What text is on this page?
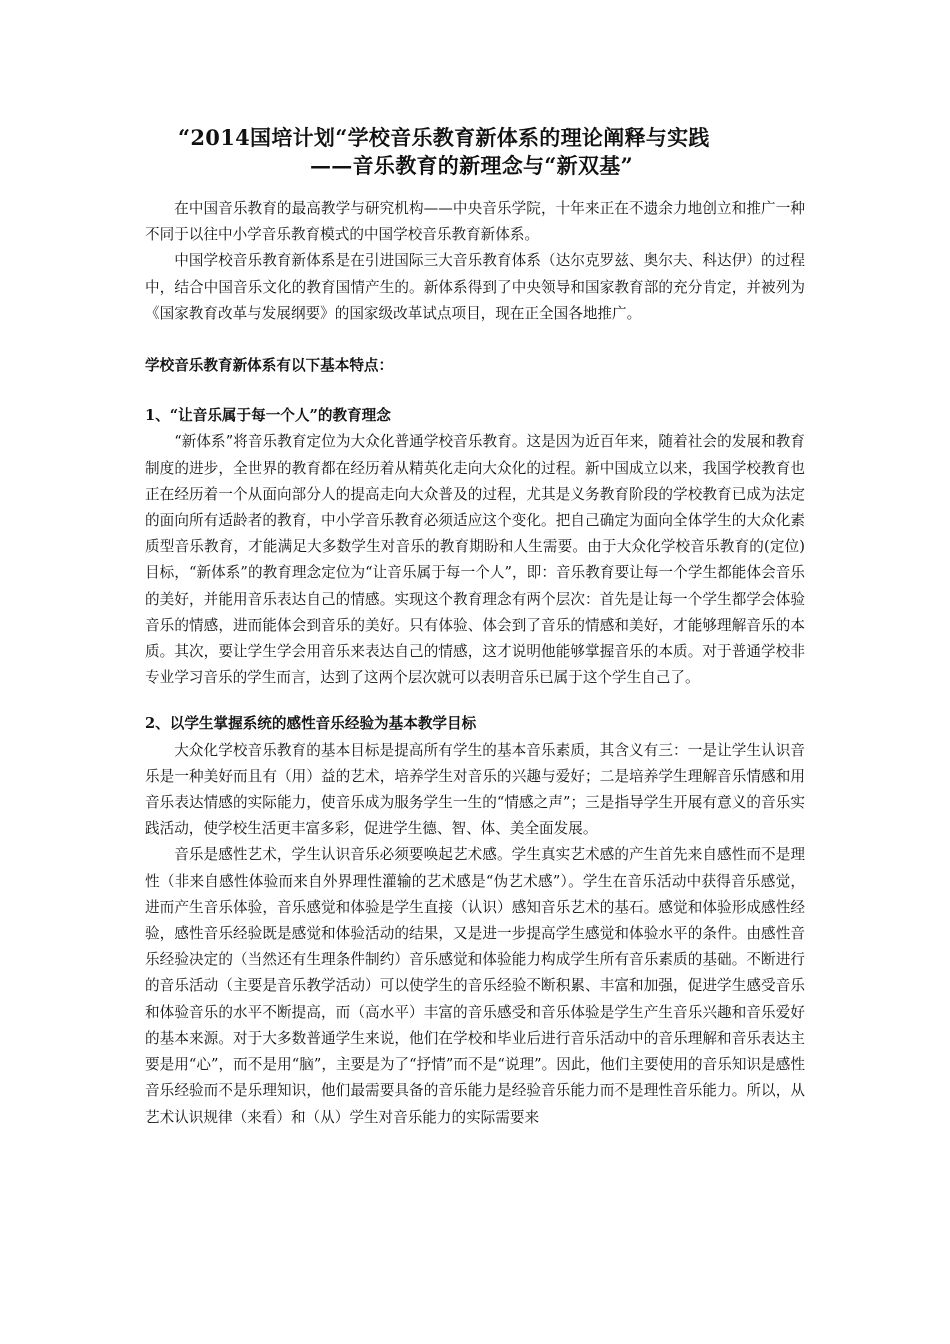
“2014国培计划“学校音乐教育新体系的理论阐释与实践
——音乐教育的新理念与“新双基”

在中国音乐教育的最高教学与研究机构——中央音乐学院，十年来正在不遗余力地创立和推广一种不同于以往中小学音乐教育模式的中国学校音乐教育新体系。

中国学校音乐教育新体系是在引进国际三大音乐教育体系（达尔克罗兹、奥尔夫、科达伊）的过程中，结合中国音乐文化的教育国情产生的。新体系得到了中央领导和国家教育部的充分肯定，并被列为《国家教育改革与发展纲要》的国家级改革试点项目，现在正全国各地推广。

学校音乐教育新体系有以下基本特点：

1、“让音乐属于每一个人”的教育理念

“新体系”将音乐教育定位为大众化普通学校音乐教育。这是因为近百年来，随着社会的发展和教育制度的进步，全世界的教育都在经历着从精英化走向大众化的过程。新中国成立以来，我国学校教育也正在经历着一个从面向部分人的提高走向大众普及的过程，尤其是义务教育阶段的学校教育已成为法定的面向所有适龄者的教育，中小学音乐教育必须适应这个变化。把自己确定为面向全体学生的大众化素质型音乐教育，才能满足大多数学生对音乐的教育期盼和人生需要。由于大众化学校音乐教育的(定位)目标，“新体系”的教育理念定位为“让音乐属于每一个人”，即：音乐教育要让每一个学生都能体会音乐的美好，并能用音乐表达自己的情感。实现这个教育理念有两个层次：首先是让每一个学生都学会体验音乐的情感，进而能体会到音乐的美好。只有体验、体会到了音乐的情感和美好，才能够理解音乐的本质。其次，要让学生学会用音乐来表达自己的情感，这才说明他能够掌握音乐的本质。对于普通学校非专业学习音乐的学生而言，达到了这两个层次就可以表明音乐已属于这个学生自己了。

2、以学生掌握系统的感性音乐经验为基本教学目标

大众化学校音乐教育的基本目标是提高所有学生的基本音乐素质，其含义有三：一是让学生认识音乐是一种美好而且有（用）益的艺术，培养学生对音乐的兴趣与爱好；二是培养学生理解音乐情感和用音乐表达情感的实际能力，使音乐成为服务学生一生的“情感之声”；三是指导学生开展有意义的音乐实践活动，使学校生活更丰富多彩，促进学生德、智、体、美全面发展。

音乐是感性艺术，学生认识音乐必须要唤起艺术感。学生真实艺术感的产生首先来自感性而不是理性（非来自感性体验而来自外界理性灌输的艺术感是“伪艺术感”）。学生在音乐活动中获得音乐感觉，进而产生音乐体验，音乐感觉和体验是学生直接（认识）感知音乐艺术的基石。感觉和体验形成感性经验，感性音乐经验既是感觉和体验活动的结果，又是进一步提高学生感觉和体验水平的条件。由感性音乐经验决定的（当然还有生理条件制约）音乐感觉和体验能力构成学生所有音乐素质的基础。不断进行的音乐活动（主要是音乐教学活动）可以使学生的音乐经验不断积累、丰富和加强，促进学生感受音乐和体验音乐的水平不断提高，而（高水平）丰富的音乐感受和音乐体验是学生产生音乐兴趣和音乐爱好的基本来源。对于大多数普通学生来说，他们在学校和毕业后进行音乐活动中的音乐理解和音乐表达主要是用“心”，而不是用“脑”，主要是为了“抒情”而不是“说理”。因此，他们主要使用的音乐知识是感性音乐经验而不是乐理知识，他们最需要具备的音乐能力是经验音乐能力而不是理性音乐能力。所以，从艺术认识规律（来看）和（从）学生对音乐能力的实际需要来
